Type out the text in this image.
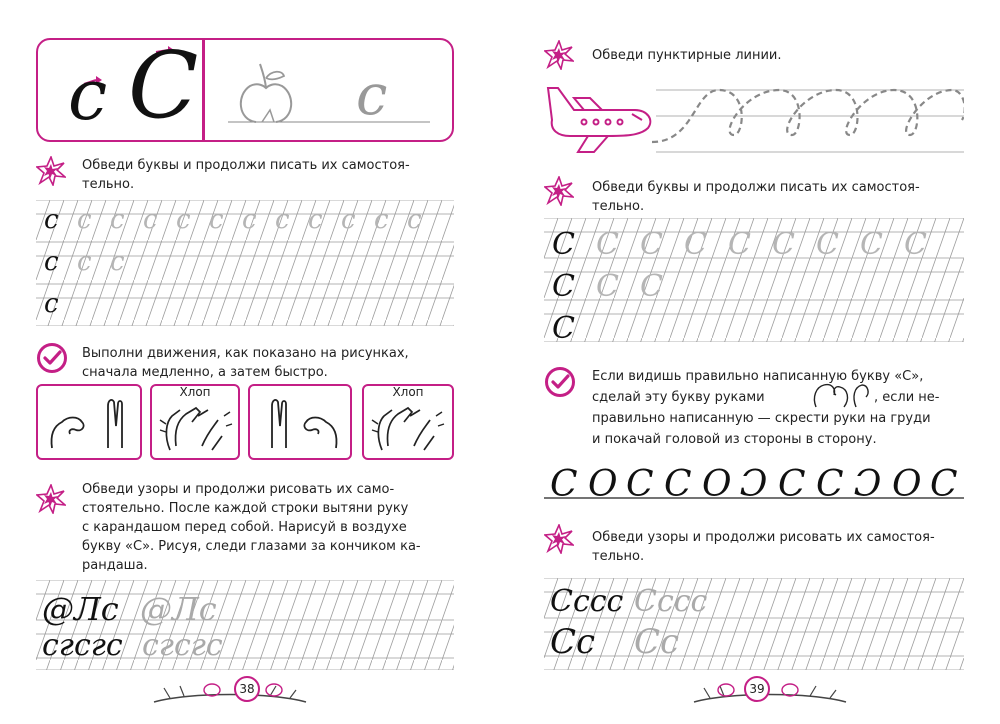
c C	c
Обведи буквы и продолжи писать их самостоя-
тельно.
c c c c c c c c c c c c
c c c
c
Выполни движения, как показано на рисунках,
сначала медленно, а затем быстро.
Хлоп	Хлоп
Обведи узоры и продолжи рисовать их само-
стоятельно. После каждой строки вытяни руку
с карандашом перед собой. Нарисуй в воздухе
букву «С». Рисуя, следи глазами за кончиком ка-
рандаша.
@Лс @Лс
сгсгс сгсгс
38
Обведи пунктирные линии.
Обведи буквы и продолжи писать их самостоя-
тельно.
C C C C C C C C C
C C C
C
Если видишь правильно написанную букву «С»,
сделай эту букву руками	, если не-
правильно написанную — скрести руки на груди
и покачай головой из стороны в сторону.
C O C C O Ɔ C C Ɔ O C
Обведи узоры и продолжи рисовать их самостоя-
тельно.
Cccc Cccc
Cc Cc
39
